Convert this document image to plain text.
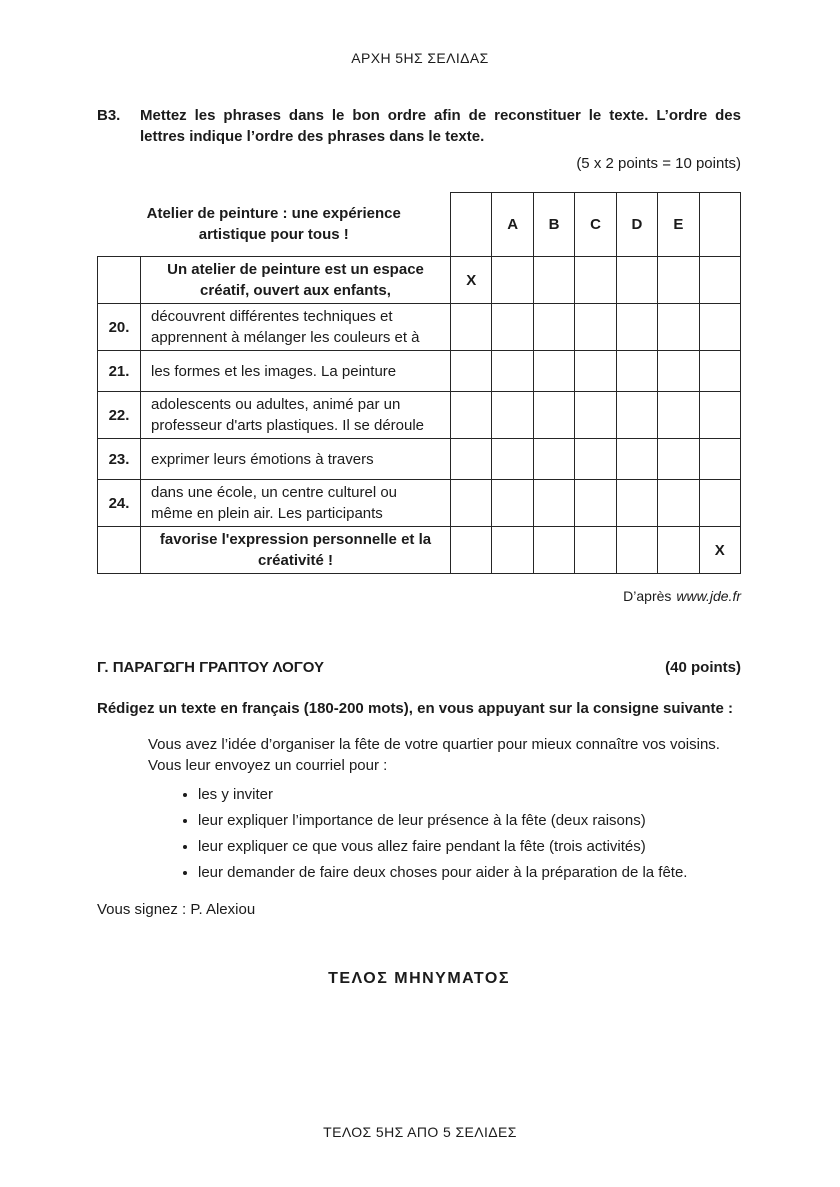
ΑΡΧΗ 5ΗΣ ΣΕΛΙΔΑΣ
B3.	Mettez les phrases dans le bon ordre afin de reconstituer le texte. L’ordre des lettres indique l’ordre des phrases dans le texte.

(5 x 2 points = 10 points)
Atelier de peinture : une expérience artistique pour tous !			A	B	C	D	E	
	Un atelier de peinture est un espace créatif, ouvert aux enfants,	X						
20.	découvrent différentes techniques et apprennent à mélanger les couleurs et à							
21.	les formes et les images. La peinture							
22.	adolescents ou adultes, animé par un professeur d'arts plastiques. Il se déroule							
23.	exprimer leurs émotions à travers							
24.	dans une école, un centre culturel ou même en plein air. Les participants							
	favorise l'expression personnelle et la créativité !							X
D’après www.jde.fr
Γ. ΠΑΡΑΓΩΓΗ ΓΡΑΠΤΟΥ ΛΟΓΟΥ	(40 points)

Rédigez un texte en français (180-200 mots), en vous appuyant sur la consigne suivante :

Vous avez l’idée d’organiser la fête de votre quartier pour mieux connaître vos voisins.
Vous leur envoyez un courriel pour :

• les y inviter
• leur expliquer l’importance de leur présence à la fête (deux raisons)
• leur expliquer ce que vous allez faire pendant la fête (trois activités)
• leur demander de faire deux choses pour aider à la préparation de la fête.

Vous signez : P. Alexiou

ΤΕΛΟΣ ΜΗΝΥΜΑΤΟΣ
ΤΕΛΟΣ 5ΗΣ ΑΠΟ 5 ΣΕΛΙΔΕΣ
